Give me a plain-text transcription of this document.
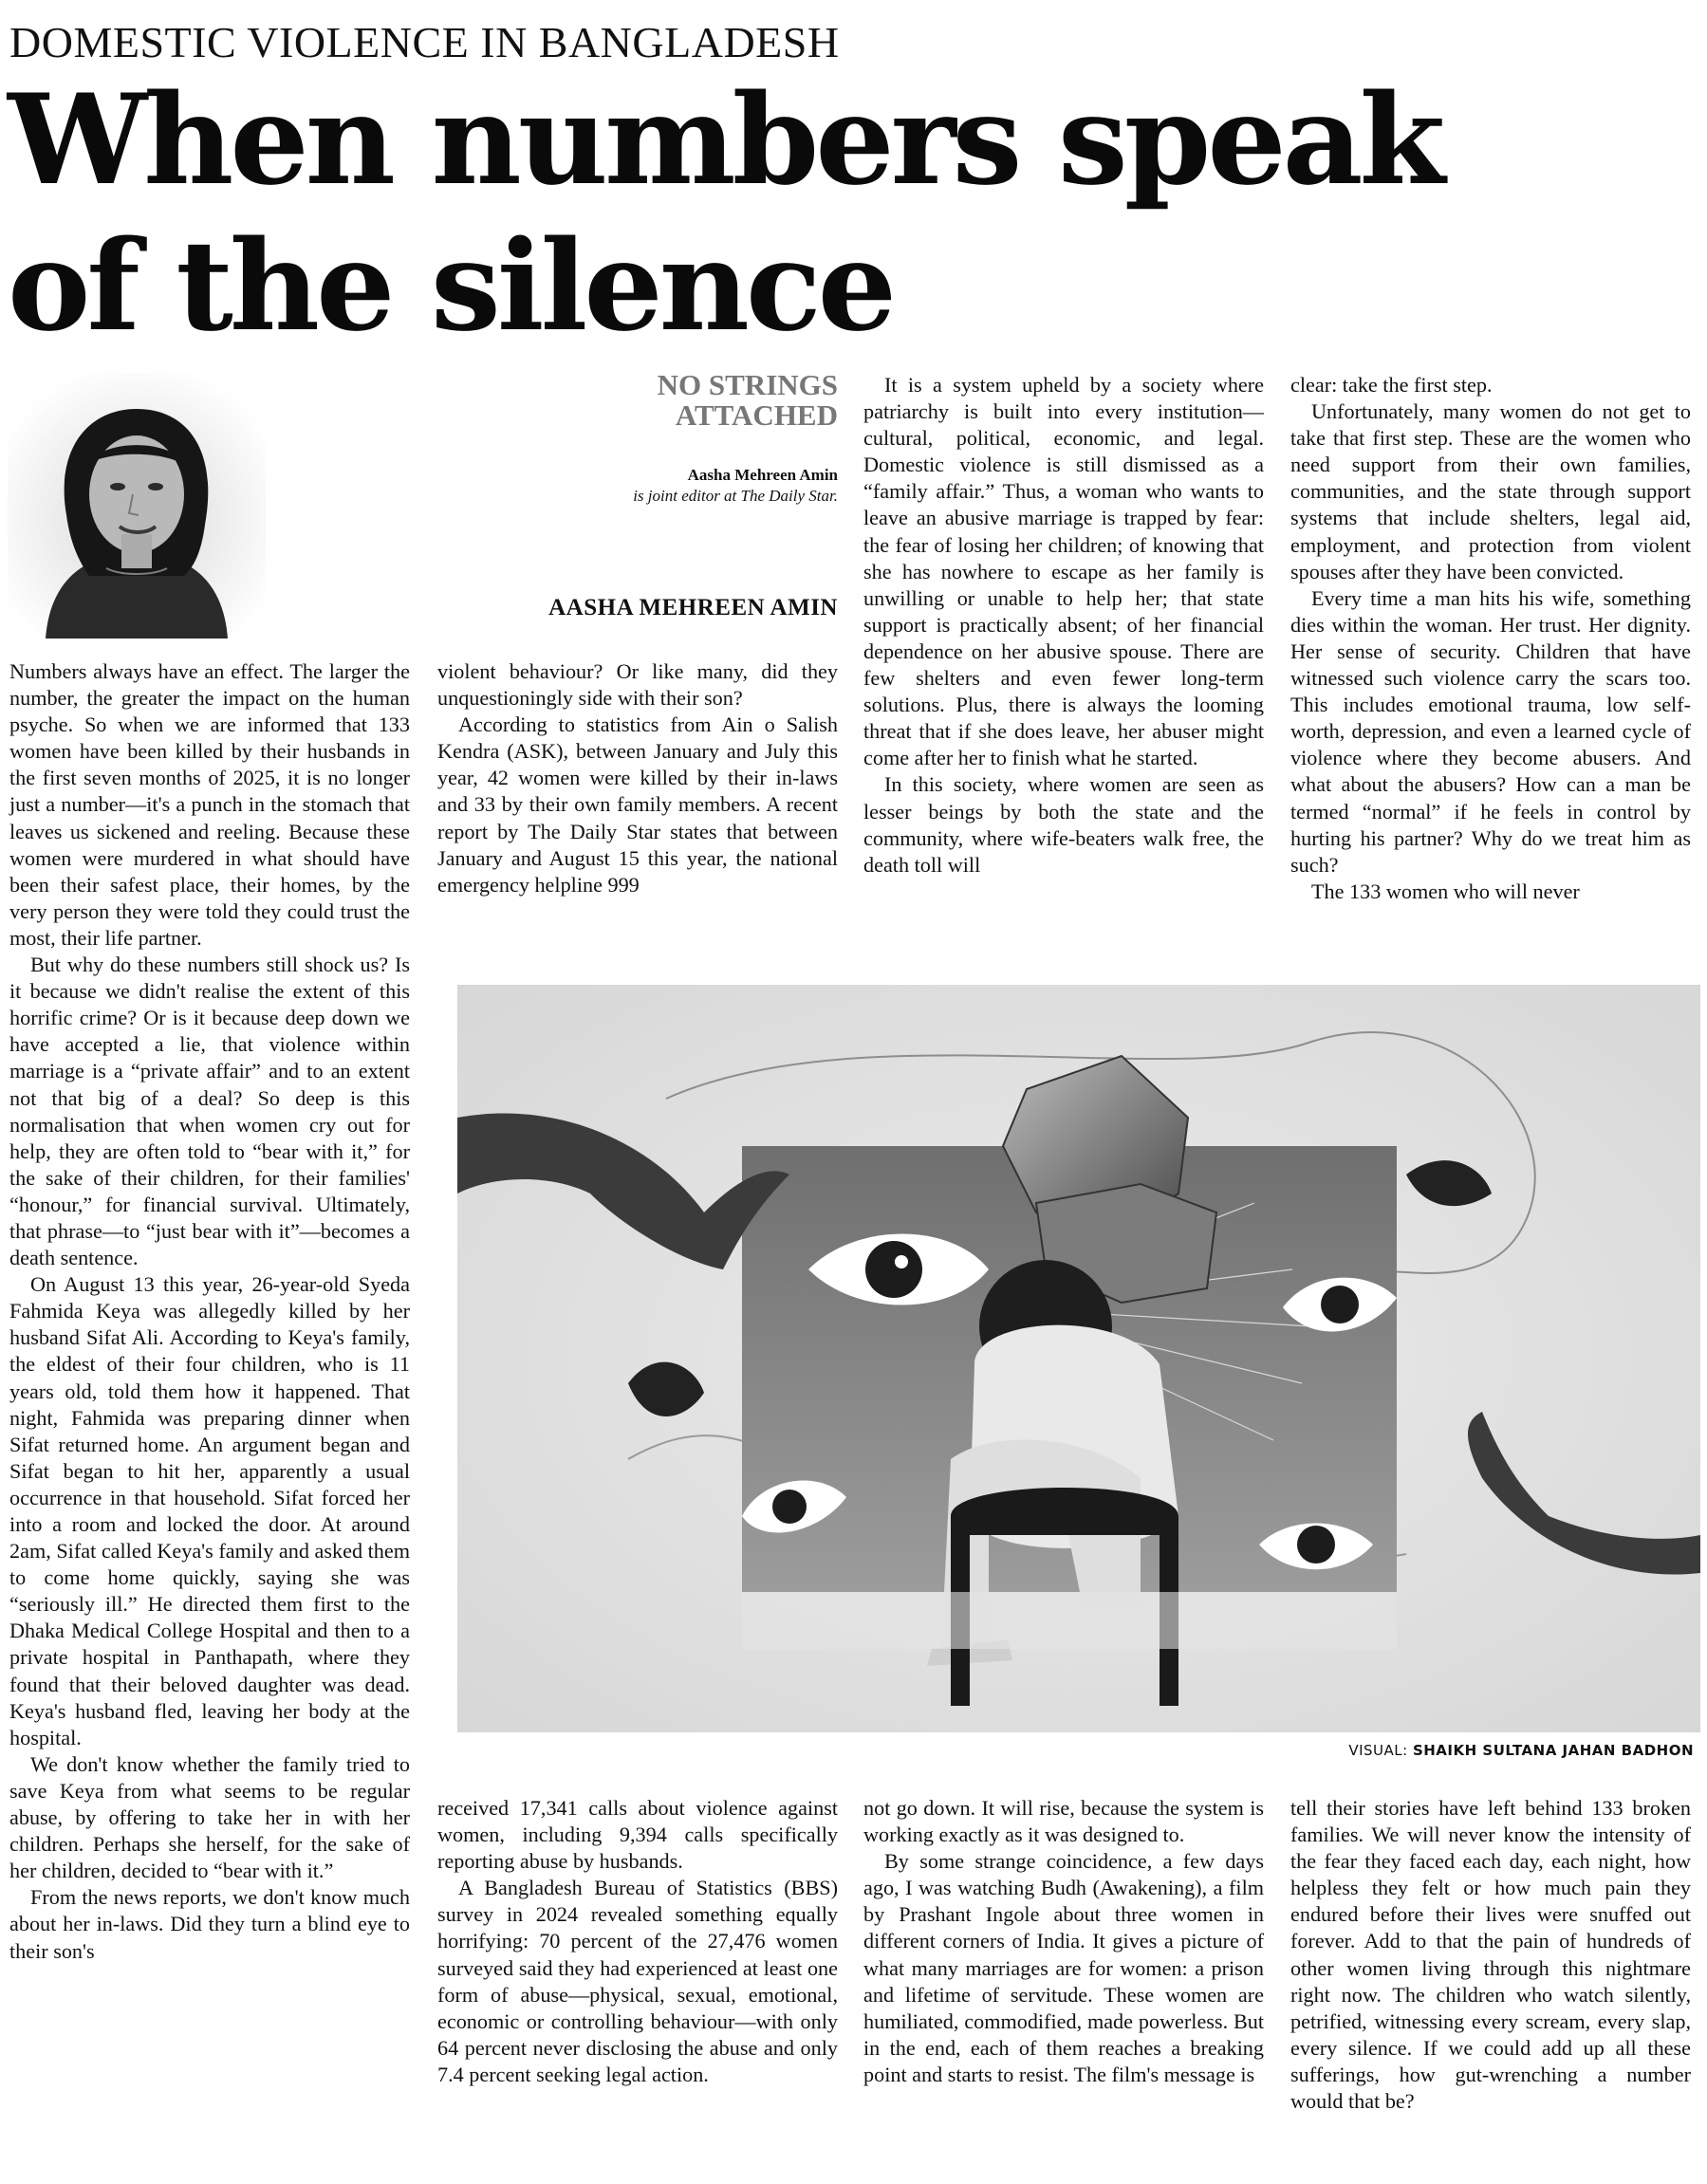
DOMESTIC VIOLENCE IN BANGLADESH
When numbers speak
of the silence
NO STRINGS
ATTACHED
Aasha Mehreen Amin
is joint editor at The Daily Star.
AASHA MEHREEN AMIN

Numbers always have an effect. The larger the number, the greater the impact on the human psyche. So when we are informed that 133 women have been killed by their husbands in the first seven months of 2025, it is no longer just a number—it's a punch in the stomach that leaves us sickened and reeling. Because these women were murdered in what should have been their safest place, their homes, by the very person they were told they could trust the most, their life partner.

But why do these numbers still shock us? Is it because we didn't realise the extent of this horrific crime? Or is it because deep down we have accepted a lie, that violence within marriage is a “private affair” and to an extent not that big of a deal? So deep is this normalisation that when women cry out for help, they are often told to “bear with it,” for the sake of their children, for their families' “honour,” for financial survival. Ultimately, that phrase—to “just bear with it”—becomes a death sentence.

On August 13 this year, 26-year-old Syeda Fahmida Keya was allegedly killed by her husband Sifat Ali. According to Keya's family, the eldest of their four children, who is 11 years old, told them how it happened. That night, Fahmida was preparing dinner when Sifat returned home. An argument began and Sifat began to hit her, apparently a usual occurrence in that household. Sifat forced her into a room and locked the door. At around 2am, Sifat called Keya's family and asked them to come home quickly, saying she was “seriously ill.” He directed them first to the Dhaka Medical College Hospital and then to a private hospital in Panthapath, where they found that their beloved daughter was dead. Keya's husband fled, leaving her body at the hospital.

We don't know whether the family tried to save Keya from what seems to be regular abuse, by offering to take her in with her children. Perhaps she herself, for the sake of her children, decided to “bear with it.”

From the news reports, we don't know much about her in-laws. Did they turn a blind eye to their son's

violent behaviour? Or like many, did they unquestioningly side with their son?

According to statistics from Ain o Salish Kendra (ASK), between January and July this year, 42 women were killed by their in-laws and 33 by their own family members. A recent report by The Daily Star states that between January and August 15 this year, the national emergency helpline 999

It is a system upheld by a society where patriarchy is built into every institution—cultural, political, economic, and legal. Domestic violence is still dismissed as a “family affair.” Thus, a woman who wants to leave an abusive marriage is trapped by fear: the fear of losing her children; of knowing that she has nowhere to escape as her family is unwilling or unable to help her; that state support is practically absent; of her financial dependence on her abusive spouse. There are few shelters and even fewer long-term solutions. Plus, there is always the looming threat that if she does leave, her abuser might come after her to finish what he started.

In this society, where women are seen as lesser beings by both the state and the community, where wife-beaters walk free, the death toll will

clear: take the first step.

Unfortunately, many women do not get to take that first step. These are the women who need support from their own families, communities, and the state through support systems that include shelters, legal aid, employment, and protection from violent spouses after they have been convicted.

Every time a man hits his wife, something dies within the woman. Her trust. Her dignity. Her sense of security. Children that have witnessed such violence carry the scars too. This includes emotional trauma, low self-worth, depression, and even a learned cycle of violence where they become abusers. And what about the abusers? How can a man be termed “normal” if he feels in control by hurting his partner? Why do we treat him as such?

The 133 women who will never

VISUAL: SHAIKH SULTANA JAHAN BADHON

received 17,341 calls about violence against women, including 9,394 calls specifically reporting abuse by husbands.

A Bangladesh Bureau of Statistics (BBS) survey in 2024 revealed something equally horrifying: 70 percent of the 27,476 women surveyed said they had experienced at least one form of abuse—physical, sexual, emotional, economic or controlling behaviour—with only 64 percent never disclosing the abuse and only 7.4 percent seeking legal action.

not go down. It will rise, because the system is working exactly as it was designed to.

By some strange coincidence, a few days ago, I was watching Budh (Awakening), a film by Prashant Ingole about three women in different corners of India. It gives a picture of what many marriages are for women: a prison and lifetime of servitude. These women are humiliated, commodified, made powerless. But in the end, each of them reaches a breaking point and starts to resist. The film's message is

tell their stories have left behind 133 broken families. We will never know the intensity of the fear they faced each day, each night, how helpless they felt or how much pain they endured before their lives were snuffed out forever. Add to that the pain of hundreds of other women living through this nightmare right now. The children who watch silently, petrified, witnessing every scream, every slap, every silence. If we could add up all these sufferings, how gut-wrenching a number would that be?
